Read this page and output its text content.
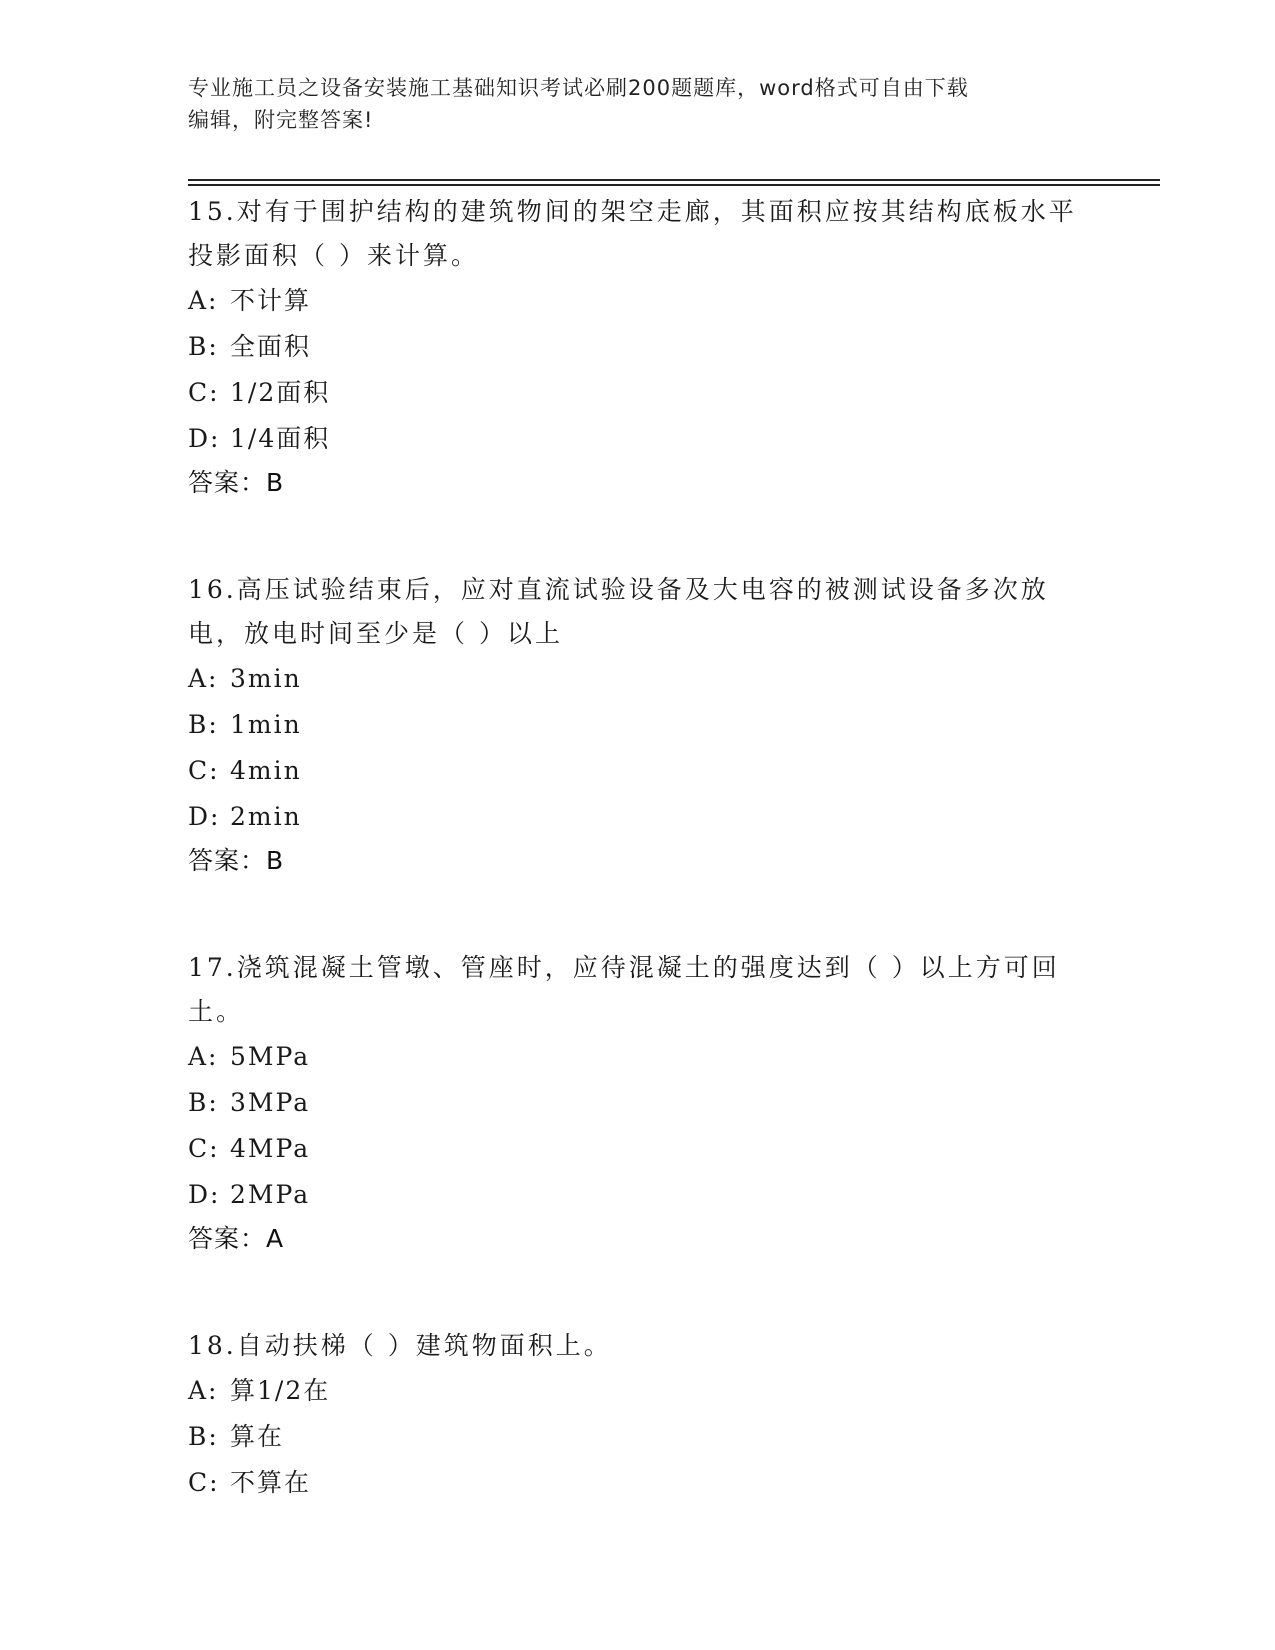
专业施工员之设备安装施工基础知识考试必刷200题题库，word格式可自由下载
编辑，附完整答案!
15.对有于围护结构的建筑物间的架空走廊，其面积应按其结构底板水平投影面积（ ）来计算。
A: 不计算
B: 全面积
C: 1/2面积
D: 1/4面积
答案：B
16.高压试验结束后，应对直流试验设备及大电容的被测试设备多次放电，放电时间至少是（ ）以上
A: 3min
B: 1min
C: 4min
D: 2min
答案：B
17.浇筑混凝土管墩、管座时，应待混凝土的强度达到（ ）以上方可回土。
A: 5MPa
B: 3MPa
C: 4MPa
D: 2MPa
答案：A
18.自动扶梯（ ）建筑物面积上。
A: 算1/2在
B: 算在
C: 不算在
